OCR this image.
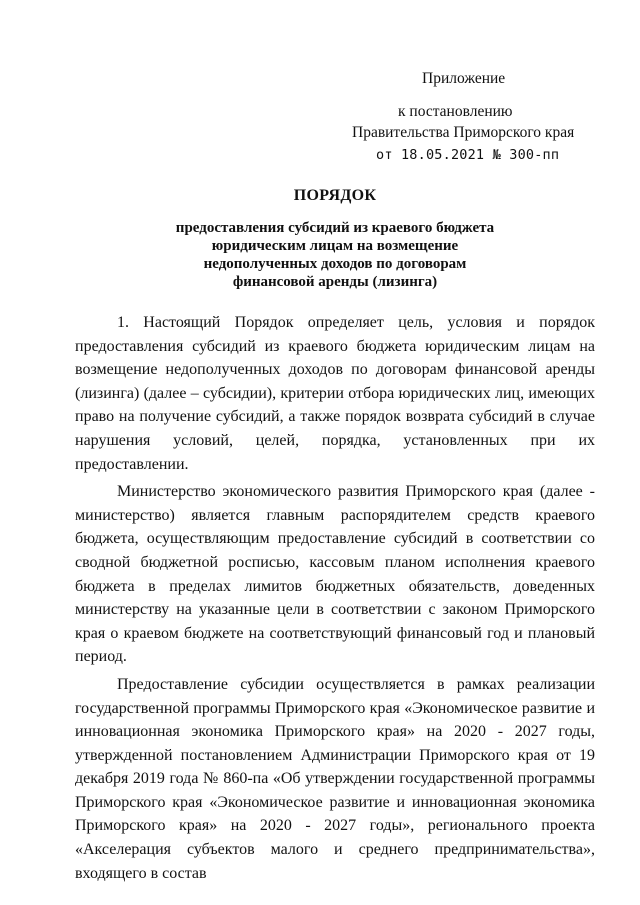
Приложение
к постановлению
Правительства Приморского края
от 18.05.2021 № 300-пп
ПОРЯДОК
предоставления субсидий из краевого бюджета
юридическим лицам на возмещение
недополученных доходов по договорам
финансовой аренды (лизинга)

1. Настоящий Порядок определяет цель, условия и порядок предоставления субсидий из краевого бюджета юридическим лицам на возмещение недополученных доходов по договорам финансовой аренды (лизинга) (далее – субсидии), критерии отбора юридических лиц, имеющих право на получение субсидий, а также порядок возврата субсидий в случае нарушения условий, целей, порядка, установленных при их предоставлении.

Министерство экономического развития Приморского края (далее - министерство) является главным распорядителем средств краевого бюджета, осуществляющим предоставление субсидий в соответствии со сводной бюджетной росписью, кассовым планом исполнения краевого бюджета в пределах лимитов бюджетных обязательств, доведенных министерству на указанные цели в соответствии с законом Приморского края о краевом бюджете на соответствующий финансовый год и плановый период.

Предоставление субсидии осуществляется в рамках реализации государственной программы Приморского края «Экономическое развитие и инновационная экономика Приморского края» на 2020 - 2027 годы, утвержденной постановлением Администрации Приморского края от 19 декабря 2019 года № 860-па «Об утверждении государственной программы Приморского края «Экономическое развитие и инновационная экономика Приморского края» на 2020 - 2027 годы», регионального проекта «Акселерация субъектов малого и среднего предпринимательства», входящего в состав
